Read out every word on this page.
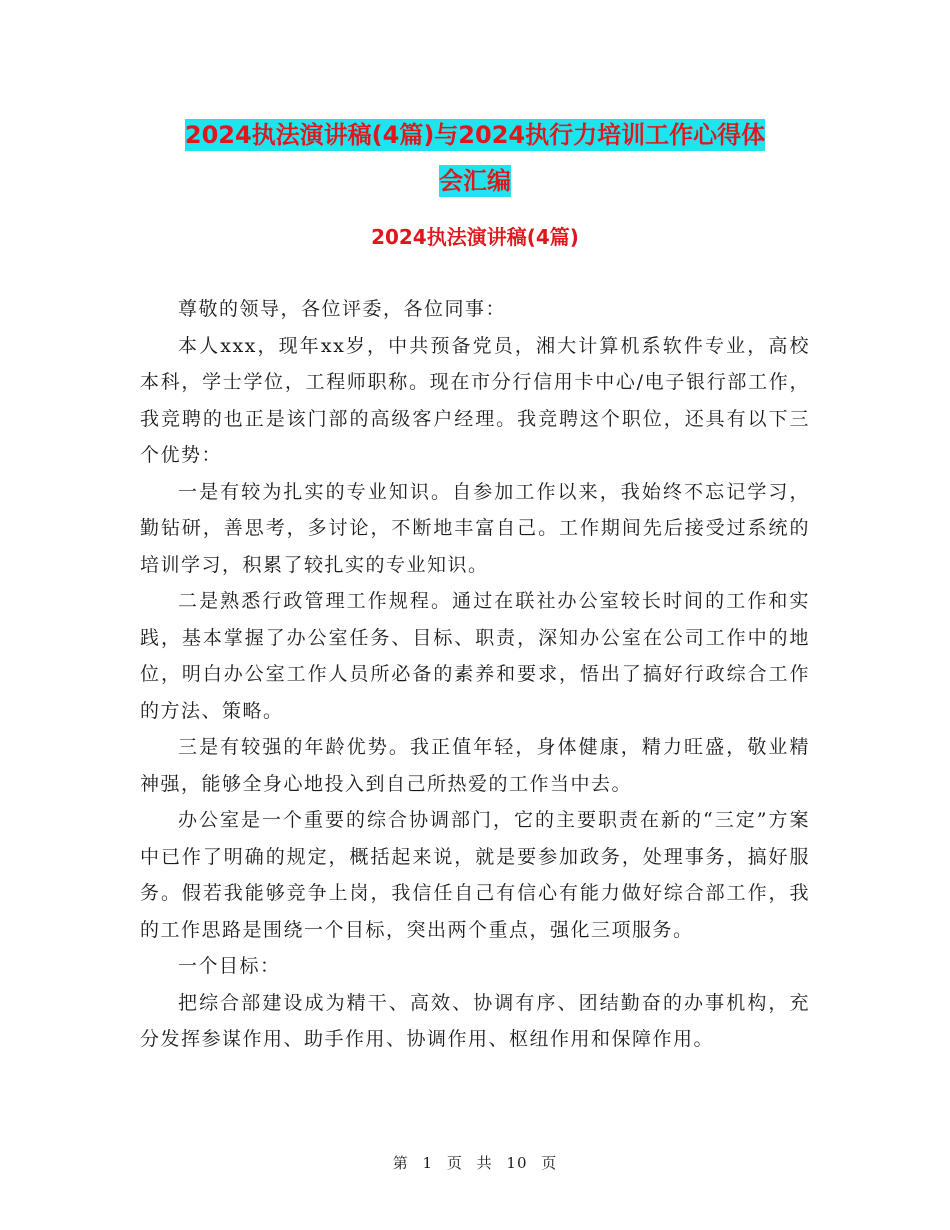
2024执法演讲稿(4篇)与2024执行力培训工作心得体
会汇编
2024执法演讲稿(4篇)

尊敬的领导，各位评委，各位同事：

本人xxx，现年xx岁，中共预备党员，湘大计算机系软件专业，高校本科，学士学位，工程师职称。现在市分行信用卡中心/电子银行部工作，我竞聘的也正是该门部的高级客户经理。我竞聘这个职位，还具有以下三个优势：

一是有较为扎实的专业知识。自参加工作以来，我始终不忘记学习，勤钻研，善思考，多讨论，不断地丰富自己。工作期间先后接受过系统的培训学习，积累了较扎实的专业知识。

二是熟悉行政管理工作规程。通过在联社办公室较长时间的工作和实践，基本掌握了办公室任务、目标、职责，深知办公室在公司工作中的地位，明白办公室工作人员所必备的素养和要求，悟出了搞好行政综合工作的方法、策略。

三是有较强的年龄优势。我正值年轻，身体健康，精力旺盛，敬业精神强，能够全身心地投入到自己所热爱的工作当中去。

办公室是一个重要的综合协调部门，它的主要职责在新的“三定”方案中已作了明确的规定，概括起来说，就是要参加政务，处理事务，搞好服务。假若我能够竞争上岗，我信任自己有信心有能力做好综合部工作，我的工作思路是围绕一个目标，突出两个重点，强化三项服务。

一个目标：

把综合部建设成为精干、高效、协调有序、团结勤奋的办事机构，充分发挥参谋作用、助手作用、协调作用、枢纽作用和保障作用。

第 1 页 共 10 页
